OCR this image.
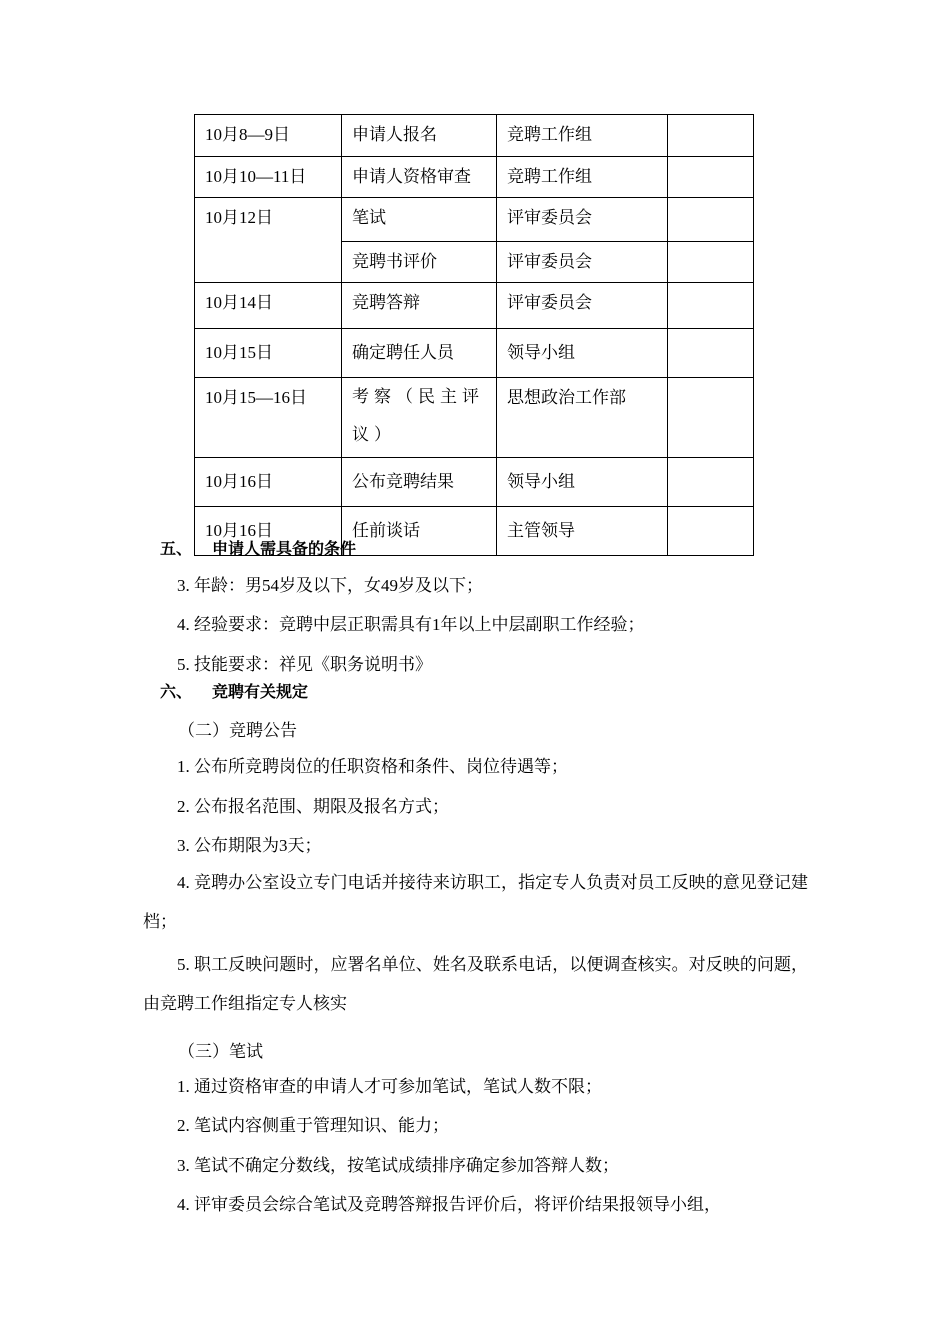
10月8—9日	申请人报名	竞聘工作组	

10月10—11日	申请人资格审查	竞聘工作组	

10月12日	笔试	评审委员会	

	竞聘书评价	评审委员会	

10月14日	竞聘答辩	评审委员会	

10月15日	确定聘任人员	领导小组	

10月15—16日	考察（民主评议）	思想政治工作部	

10月16日	公布竞聘结果	领导小组	

10月16日	任前谈话	主管领导	

五、 申请人需具备的条件
3. 年龄：男54岁及以下，女49岁及以下；
4. 经验要求：竞聘中层正职需具有1年以上中层副职工作经验；
5. 技能要求：祥见《职务说明书》
六、 竞聘有关规定
（二）竞聘公告
1. 公布所竞聘岗位的任职资格和条件、岗位待遇等；
2. 公布报名范围、期限及报名方式；
3. 公布期限为3天；
4. 竞聘办公室设立专门电话并接待来访职工，指定专人负责对员工反映的意见登记建档；
5. 职工反映问题时，应署名单位、姓名及联系电话，以便调查核实。对反映的问题，由竞聘工作组指定专人核实
（三）笔试
1. 通过资格审查的申请人才可参加笔试，笔试人数不限；
2. 笔试内容侧重于管理知识、能力；
3. 笔试不确定分数线，按笔试成绩排序确定参加答辩人数；
4. 评审委员会综合笔试及竞聘答辩报告评价后，将评价结果报领导小组，
